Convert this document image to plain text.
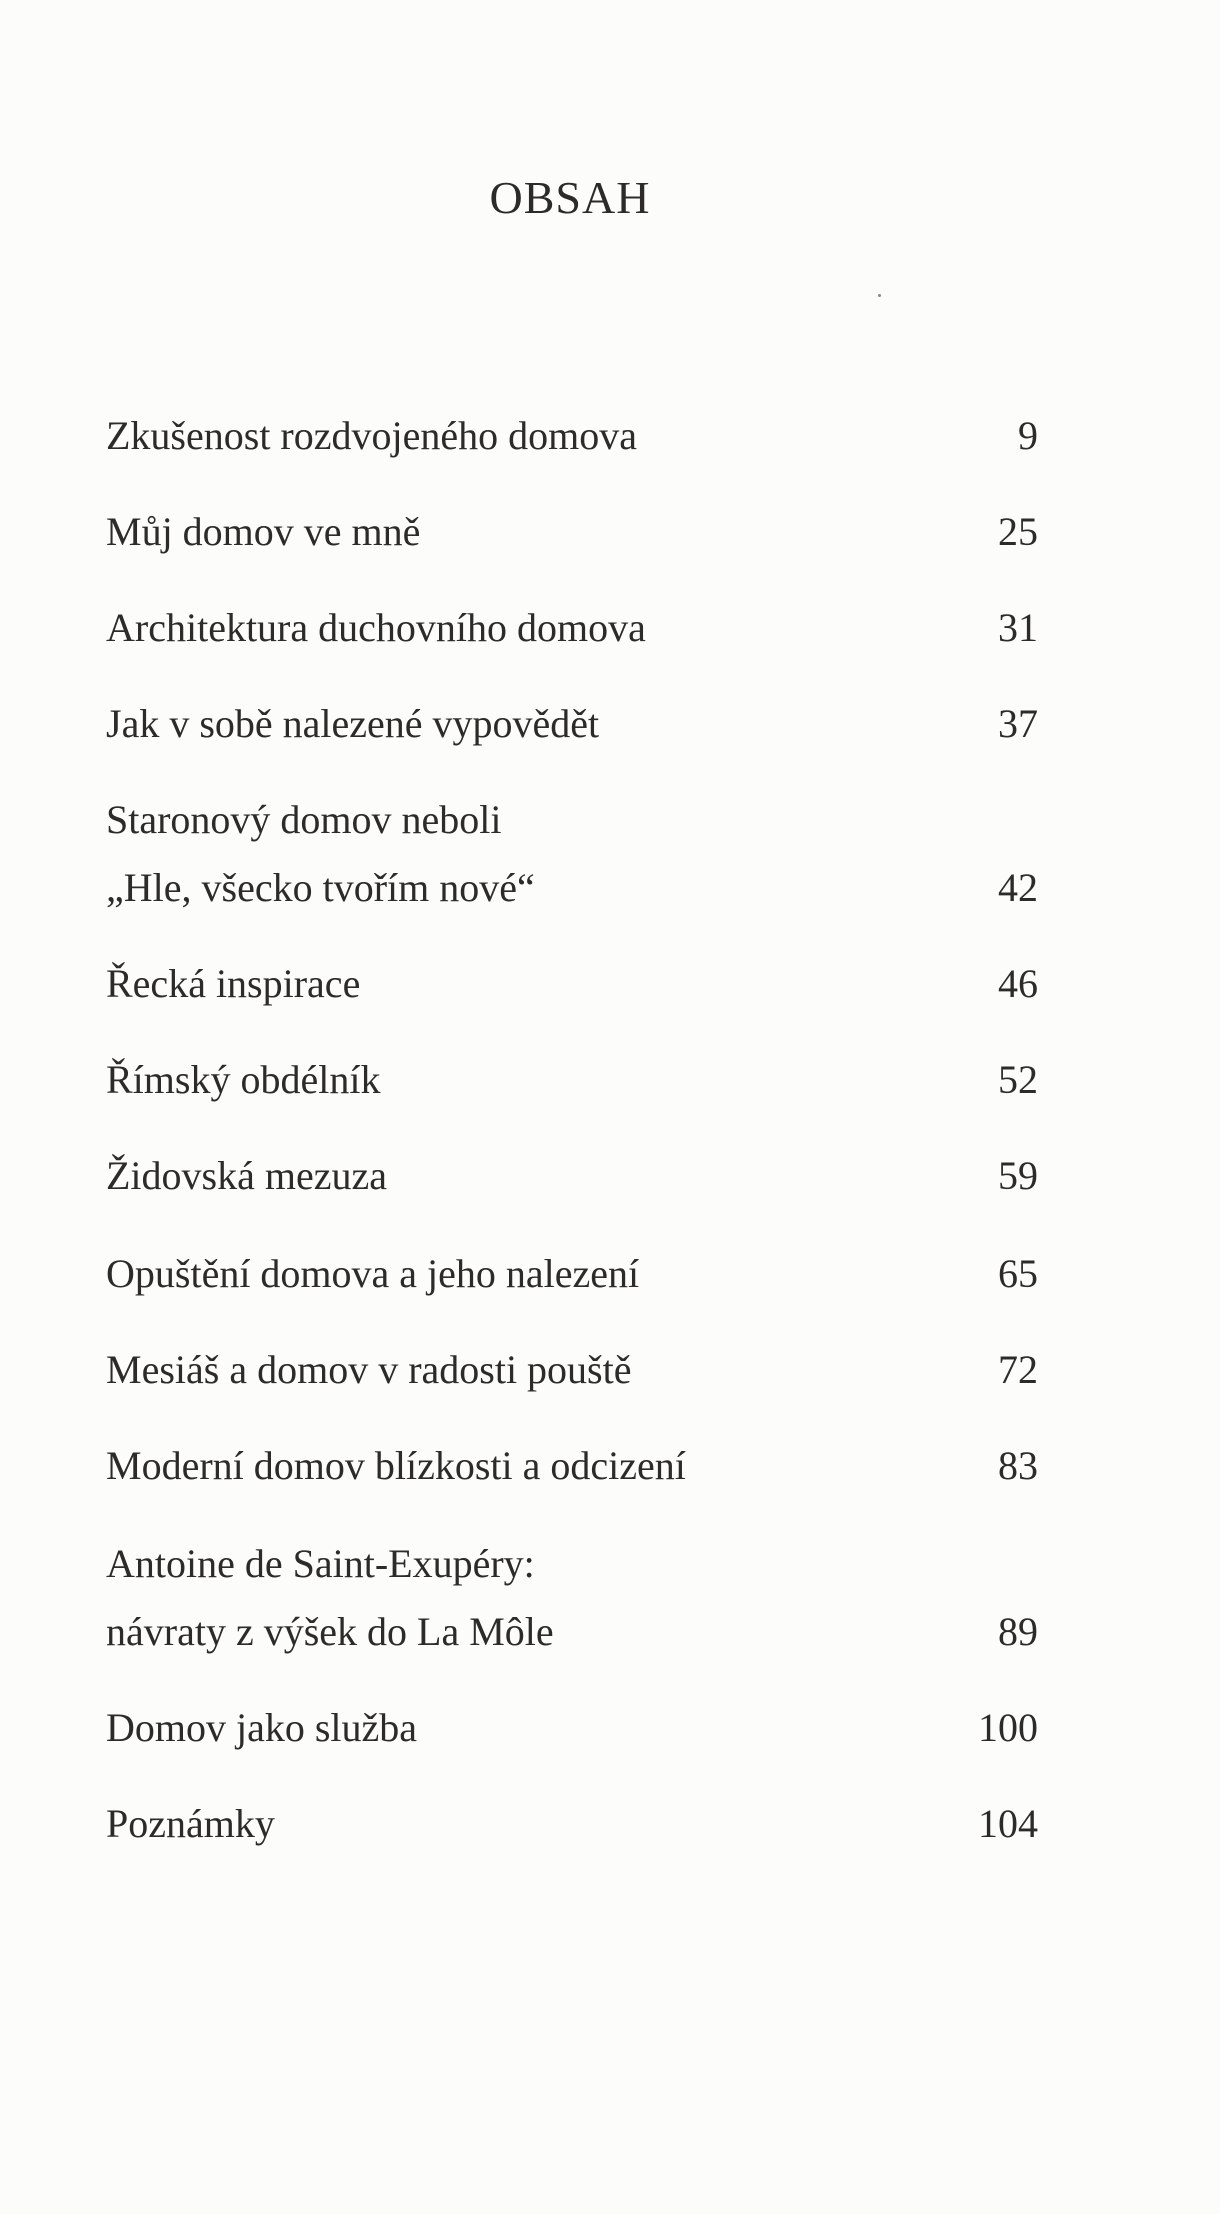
OBSAH
Zkušenost rozdvojeného domova	9
Můj domov ve mně	25
Architektura duchovního domova	31
Jak v sobě nalezené vypovědět	37
Staronový domov neboli
„Hle, všecko tvořím nové“	42
Řecká inspirace	46
Římský obdélník	52
Židovská mezuza	59
Opuštění domova a jeho nalezení	65
Mesiáš a domov v radosti pouště	72
Moderní domov blízkosti a odcizení	83
Antoine de Saint-Exupéry:
návraty z výšek do La Môle	89
Domov jako služba	100
Poznámky	104
